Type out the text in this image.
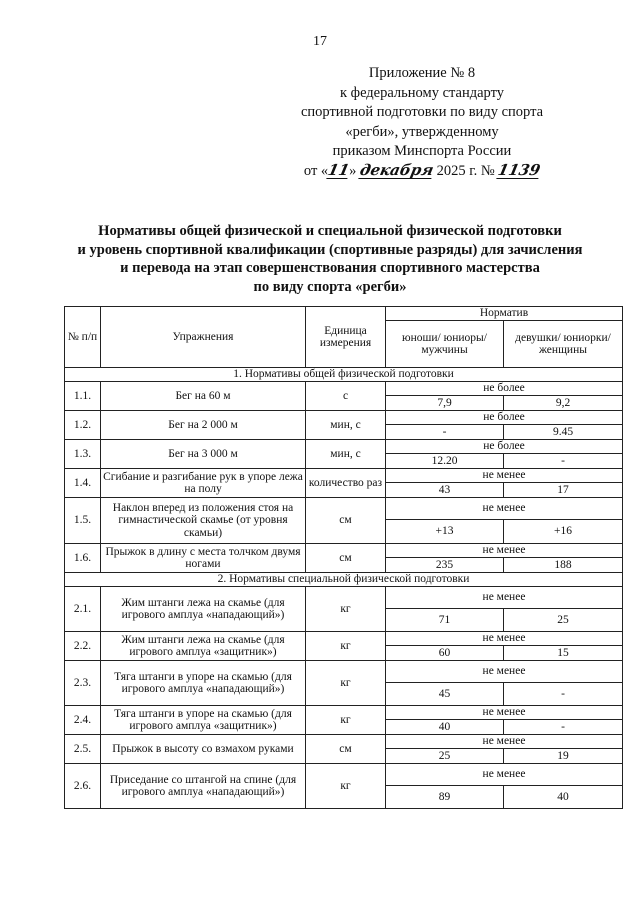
17
Приложение № 8
к федеральному стандарту
спортивной подготовки по виду спорта
«регби», утвержденному
приказом Минспорта России
от «11» декабря 2025 г. № 1139
Нормативы общей физической и специальной физической подготовки
и уровень спортивной квалификации (спортивные разряды) для зачисления
и перевода на этап совершенствования спортивного мастерства
по виду спорта «регби»
№ п/п	Упражнения	Единица измерения	Норматив	
			юноши/ юниоры/ мужчины	девушки/ юниорки/ женщины
1. Нормативы общей физической подготовки				
1.1.	Бег на 60 м	с	не более	
			7,9	9,2
1.2.	Бег на 2 000 м	мин, с	не более	
			-	9.45
1.3.	Бег на 3 000 м	мин, с	не более	
			12.20	-
1.4.	Сгибание и разгибание рук в упоре лежа на полу	количество раз	не менее	
			43	17
1.5.	Наклон вперед из положения стоя на гимнастической скамье (от уровня скамьи)	см	не менее	
			+13	+16
1.6.	Прыжок в длину с места толчком двумя ногами	см	не менее	
			235	188
2. Нормативы специальной физической подготовки				
2.1.	Жим штанги лежа на скамье (для игрового амплуа «нападающий»)	кг	не менее	
			71	25
2.2.	Жим штанги лежа на скамье (для игрового амплуа «защитник»)	кг	не менее	
			60	15
2.3.	Тяга штанги в упоре на скамью (для игрового амплуа «нападающий»)	кг	не менее	
			45	-
2.4.	Тяга штанги в упоре на скамью (для игрового амплуа «защитник»)	кг	не менее	
			40	-
2.5.	Прыжок в высоту со взмахом руками	см	не менее	
			25	19
2.6.	Приседание со штангой на спине (для игрового амплуа «нападающий»)	кг	не менее	
			89	40
